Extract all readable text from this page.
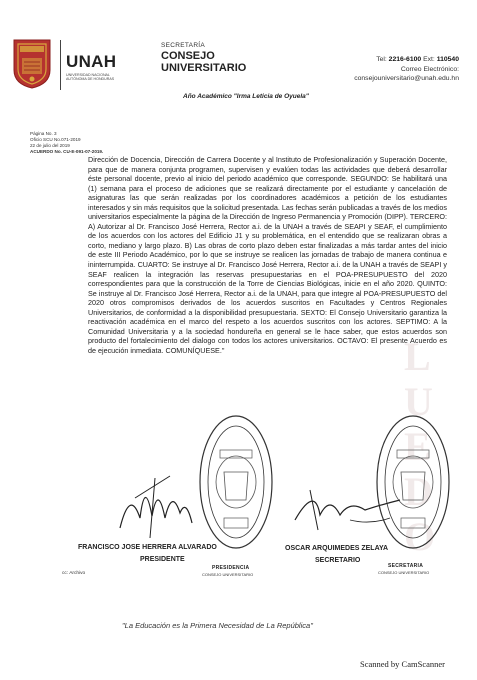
UNAH
UNIVERSIDAD NACIONAL AUTÓNOMA DE HONDURAS
SECRETARÍA
CONSEJO
UNIVERSITARIO
Año Académico "Irma Leticia de Oyuela"
Tel: 2216-6100 Ext: 110540
Correo Electrónico:
consejouniversitario@unah.edu.hn
Página No. 3
Oficio SCU No.071-2019
22 de julio del 2019
ACUERDO No. CU-E-091-07-2019.
L
U
E
D
O

Dirección de Docencia, Dirección de Carrera Docente y al Instituto de Profesionalización y Superación Docente, para que de manera conjunta programen, supervisen y evalúen todas las actividades que deberá desarrollar éste personal docente, previo al inicio del periodo académico que corresponde. SEGUNDO: Se habilitará una (1) semana para el proceso de adiciones que se realizará directamente por el estudiante y cancelación de asignaturas las que serán realizadas por los coordinadores académicos a petición de los estudiantes interesados y sin más requisitos que la solicitud presentada. Las fechas serán publicadas a través de los medios universitarios especialmente la página de la Dirección de Ingreso Permanencia y Promoción (DIPP). TERCERO: A) Autorizar al Dr. Francisco José Herrera, Rector a.i. de la UNAH a través de SEAPI y SEAF, el cumplimiento de los acuerdos con los actores del Edificio J1 y su problemática, en el entendido que se realizaran obras a corto, mediano y largo plazo. B) Las obras de corto plazo deben estar finalizadas a más tardar antes del inicio de este III Periodo Académico, por lo que se instruye se realicen las jornadas de trabajo de manera continua e ininterrumpida. CUARTO: Se instruye al Dr. Francisco José Herrera, Rector a.i. de la UNAH a través de SEAPI y SEAF realicen la integración las reservas presupuestarias en el POA-PRESUPUESTO del 2020 correspondientes para que la construcción de la Torre de Ciencias Biológicas, inicie en el año 2020. QUINTO: Se instruye al Dr. Francisco José Herrera, Rector a.i. de la UNAH, para que integre al POA-PRESUPUESTO del 2020 otros compromisos derivados de los acuerdos suscritos en Facultades y Centros Regionales Universitarios, de conformidad a la disponibilidad presupuestaria. SEXTO: El Consejo Universitario garantiza la reactivación académica en el marco del respeto a los acuerdos suscritos con los actores. SEPTIMO: A la Comunidad Universitaria y a la sociedad hondureña en general se le hace saber, que estos acuerdos son producto del fortalecimiento del dialogo con todos los actores universitarios. OCTAVO: El presente Acuerdo es de ejecución inmediata. COMUNÍQUESE."

PRESIDENCIA
CONSEJO UNIVERSITARIO
SECRETARIA
CONSEJO UNIVERSITARIO
FRANCISCO JOSE HERRERA ALVARADO
PRESIDENTE
OSCAR ARQUIMEDES ZELAYA
SECRETARIO
cc: Archivo
"La Educación es la Primera Necesidad de La República"
Scanned by CamScanner
